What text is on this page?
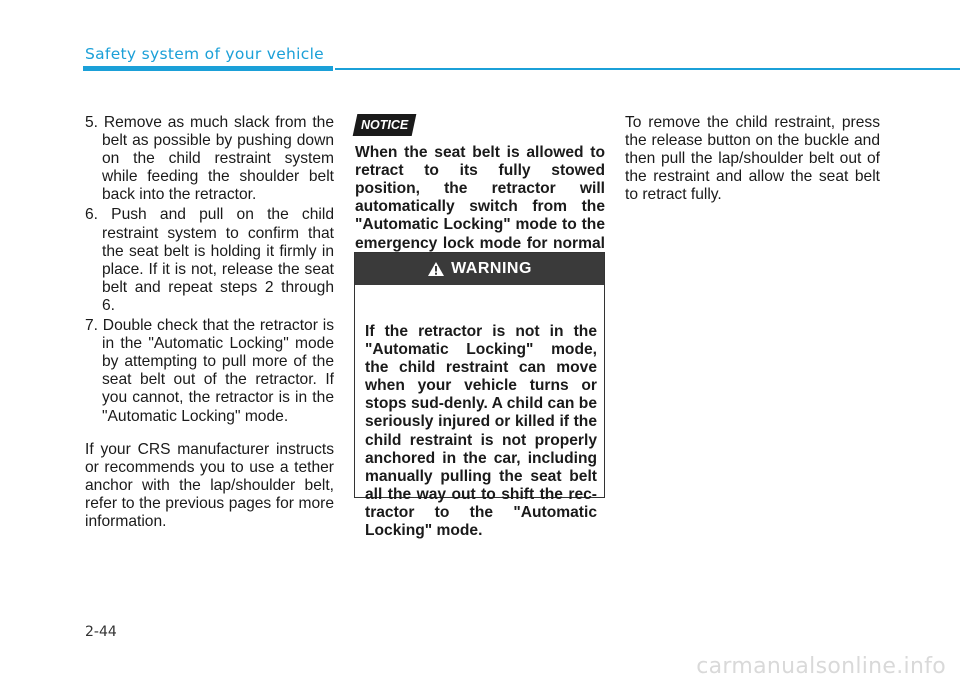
Safety system of your vehicle
5. Remove as much slack from the belt as possible by pushing down on the child restraint system while feeding the shoulder belt back into the retractor.
6. Push and pull on the child restraint system to confirm that the seat belt is holding it firmly in place. If it is not, release the seat belt and repeat steps 2 through 6.
7. Double check that the retractor is in the "Automatic Locking" mode by attempting to pull more of the seat belt out of the retractor. If you cannot, the retractor is in the "Automatic Locking" mode.

If your CRS manufacturer instructs or recommends you to use a tether anchor with the lap/shoulder belt, refer to the previous pages for more information.

NOTICE

When the seat belt is allowed to retract to its fully stowed position, the retractor will automatically switch from the "Automatic Locking" mode to the emergency lock mode for normal

WARNING
If the retractor is not in the "Automatic Locking" mode, the child restraint can move when your vehicle turns or stops sud-denly. A child can be seriously injured or killed if the child restraint is not properly anchored in the car, including manually pulling the seat belt all the way out to shift the rec-tractor to the "Automatic Locking" mode.

To remove the child restraint, press the release button on the buckle and then pull the lap/shoulder belt out of the restraint and allow the seat belt to retract fully.

2-44
carmanualsonline.info
